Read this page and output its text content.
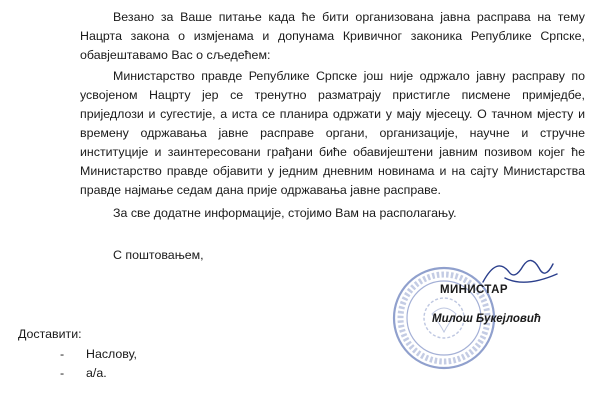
Везано за Ваше питање када ће бити организована јавна расправа на тему Нацрта закона о измјенама и допунама Кривичног законика Републике Српске, обавјештавамо Вас о сљедећем:

Министарство правде Републике Српске још није одржало јавну расправу по усвојеном Нацрту јер се тренутно разматрају пристигле писмене примједбе, приједлози и сугестије, а иста се планира одржати у мају мјесецу. О тачном мјесту и времену одржавања јавне расправе органи, организације, научне и стручне институције и заинтересовани грађани биће обавијештени јавним позивом којег ће Министарство правде објавити у једним дневним новинама и на сајту Министарства правде најмање седам дана прије одржавања јавне расправе.

За све додатне информације, стојимо Вам на располагању.

С поштовањем,

МИНИСТАР
Милош Букејловић
Доставити:
- Наслову,
- а/а.
